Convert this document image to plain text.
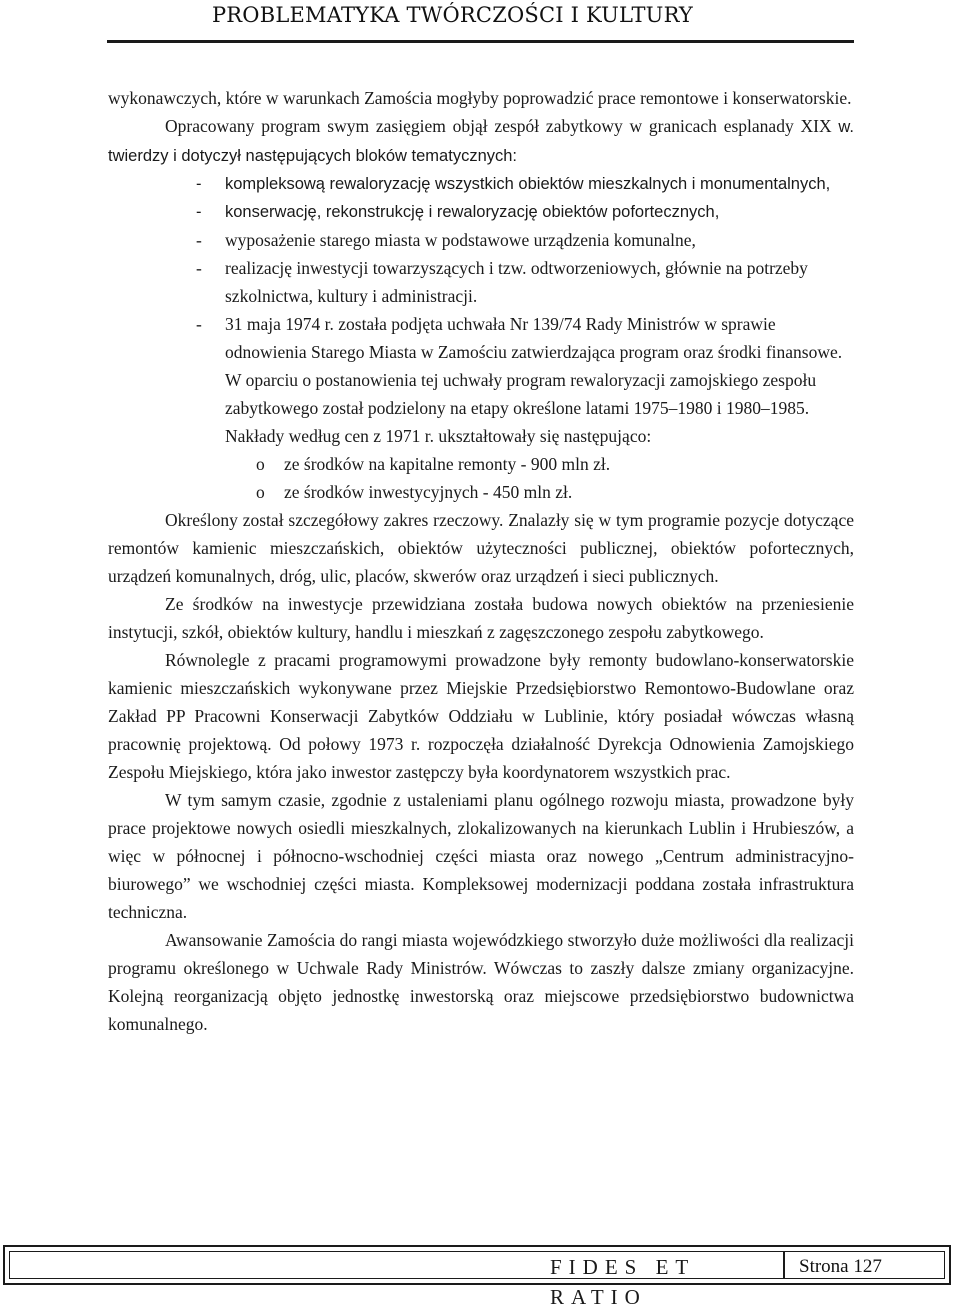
PROBLEMATYKA TWÓRCZOŚCI I KULTURY

wykonawczych, które w warunkach Zamościa mogłyby poprowadzić prace remontowe i konserwatorskie.

Opracowany program swym zasięgiem objął zespół zabytkowy w granicach esplanady XIX w. twierdzy i dotyczył następujących bloków tematycznych:

- kompleksową rewaloryzację wszystkich obiektów mieszkalnych i monumentalnych,
- konserwację, rekonstrukcję i rewaloryzację obiektów pofortecznych,
- wyposażenie starego miasta w podstawowe urządzenia komunalne,
- realizację inwestycji towarzyszących i tzw. odtworzeniowych, głównie na potrzeby szkolnictwa, kultury i administracji.
- 31 maja 1974 r. została podjęta uchwała Nr 139/74 Rady Ministrów w sprawie odnowienia Starego Miasta w Zamościu zatwierdzająca program oraz środki finansowe. W oparciu o postanowienia tej uchwały program rewaloryzacji zamojskiego zespołu zabytkowego został podzielony na etapy określone latami 1975–1980 i 1980–1985. Nakłady według cen z 1971 r. ukształtowały się następująco:
o ze środków na kapitalne remonty - 900 mln zł.
o ze środków inwestycyjnych - 450 mln zł.

Określony został szczegółowy zakres rzeczowy. Znalazły się w tym programie pozycje dotyczące remontów kamienic mieszczańskich, obiektów użyteczności publicznej, obiektów pofortecznych, urządzeń komunalnych, dróg, ulic, placów, skwerów oraz urządzeń i sieci publicznych.

Ze środków na inwestycje przewidziana została budowa nowych obiektów na przeniesienie instytucji, szkół, obiektów kultury, handlu i mieszkań z zagęszczonego zespołu zabytkowego.

Równolegle z pracami programowymi prowadzone były remonty budowlano-konserwatorskie kamienic mieszczańskich wykonywane przez Miejskie Przedsiębiorstwo Remontowo-Budowlane oraz Zakład PP Pracowni Konserwacji Zabytków Oddziału w Lublinie, który posiadał wówczas własną pracownię projektową. Od połowy 1973 r. rozpoczęła działalność Dyrekcja Odnowienia Zamojskiego Zespołu Miejskiego, która jako inwestor zastępczy była koordynatorem wszystkich prac.

W tym samym czasie, zgodnie z ustaleniami planu ogólnego rozwoju miasta, prowadzone były prace projektowe nowych osiedli mieszkalnych, zlokalizowanych na kierunkach Lublin i Hrubieszów, a więc w północnej i północno-wschodniej części miasta oraz nowego „Centrum administracyjno-biurowego” we wschodniej części miasta. Kompleksowej modernizacji poddana została infrastruktura techniczna.

Awansowanie Zamościa do rangi miasta wojewódzkiego stworzyło duże możliwości dla realizacji programu określonego w Uchwale Rady Ministrów. Wówczas to zaszły dalsze zmiany organizacyjne. Kolejną reorganizacją objęto jednostkę inwestorską oraz miejscowe przedsiębiorstwo budownictwa komunalnego.

FIDES ET RATIO
Strona 127
